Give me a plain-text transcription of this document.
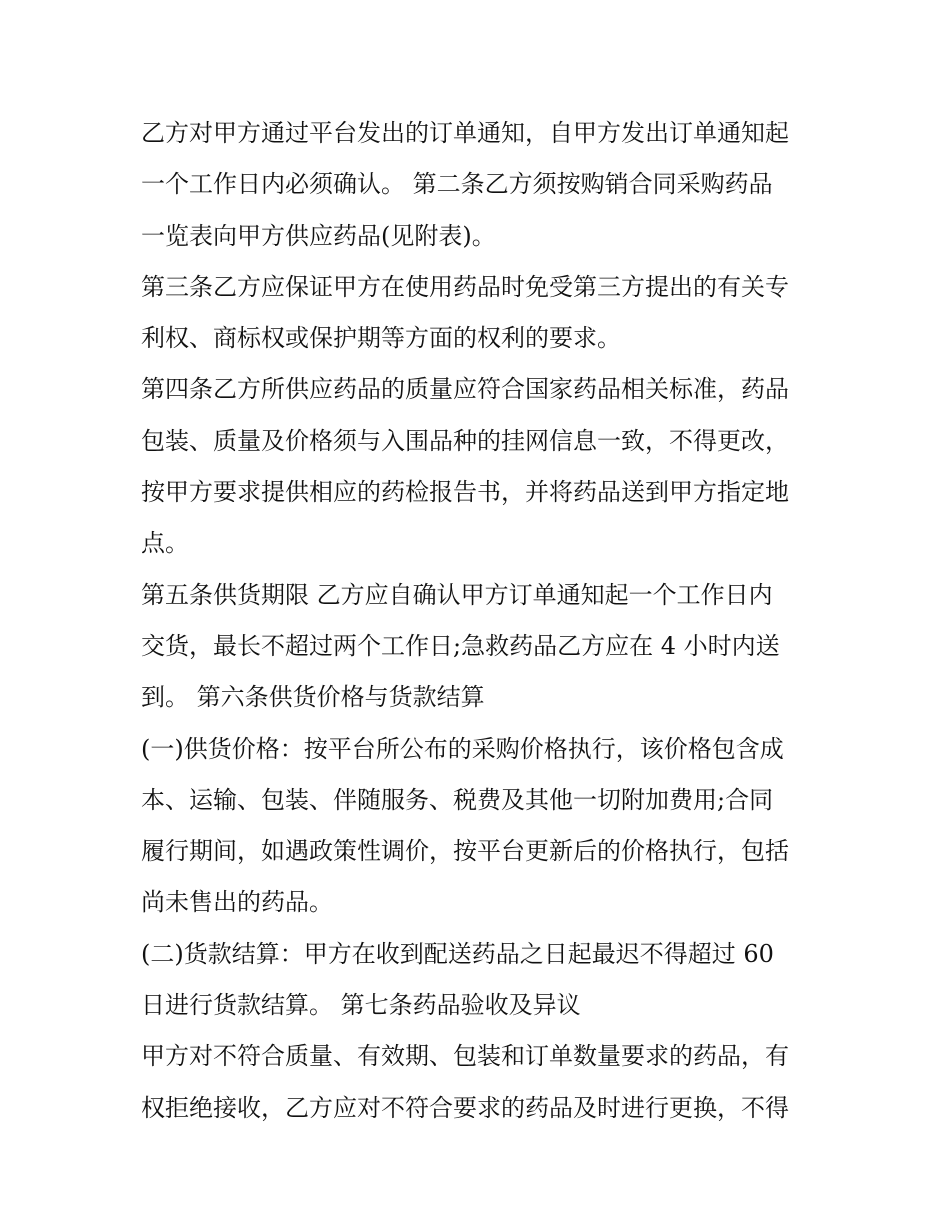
乙方对甲方通过平台发出的订单通知，自甲方发出订单通知起
一个工作日内必须确认。 第二条乙方须按购销合同采购药品
一览表向甲方供应药品(见附表)。
第三条乙方应保证甲方在使用药品时免受第三方提出的有关专
利权、商标权或保护期等方面的权利的要求。
第四条乙方所供应药品的质量应符合国家药品相关标准，药品
包装、质量及价格须与入围品种的挂网信息一致，不得更改，
按甲方要求提供相应的药检报告书，并将药品送到甲方指定地
点。
第五条供货期限 乙方应自确认甲方订单通知起一个工作日内
交货，最长不超过两个工作日;急救药品乙方应在 4 小时内送
到。 第六条供货价格与货款结算
(一)供货价格：按平台所公布的采购价格执行，该价格包含成
本、运输、包装、伴随服务、税费及其他一切附加费用;合同
履行期间，如遇政策性调价，按平台更新后的价格执行，包括
尚未售出的药品。
(二)货款结算：甲方在收到配送药品之日起最迟不得超过 60
日进行货款结算。 第七条药品验收及异议
甲方对不符合质量、有效期、包装和订单数量要求的药品，有
权拒绝接收，乙方应对不符合要求的药品及时进行更换，不得
